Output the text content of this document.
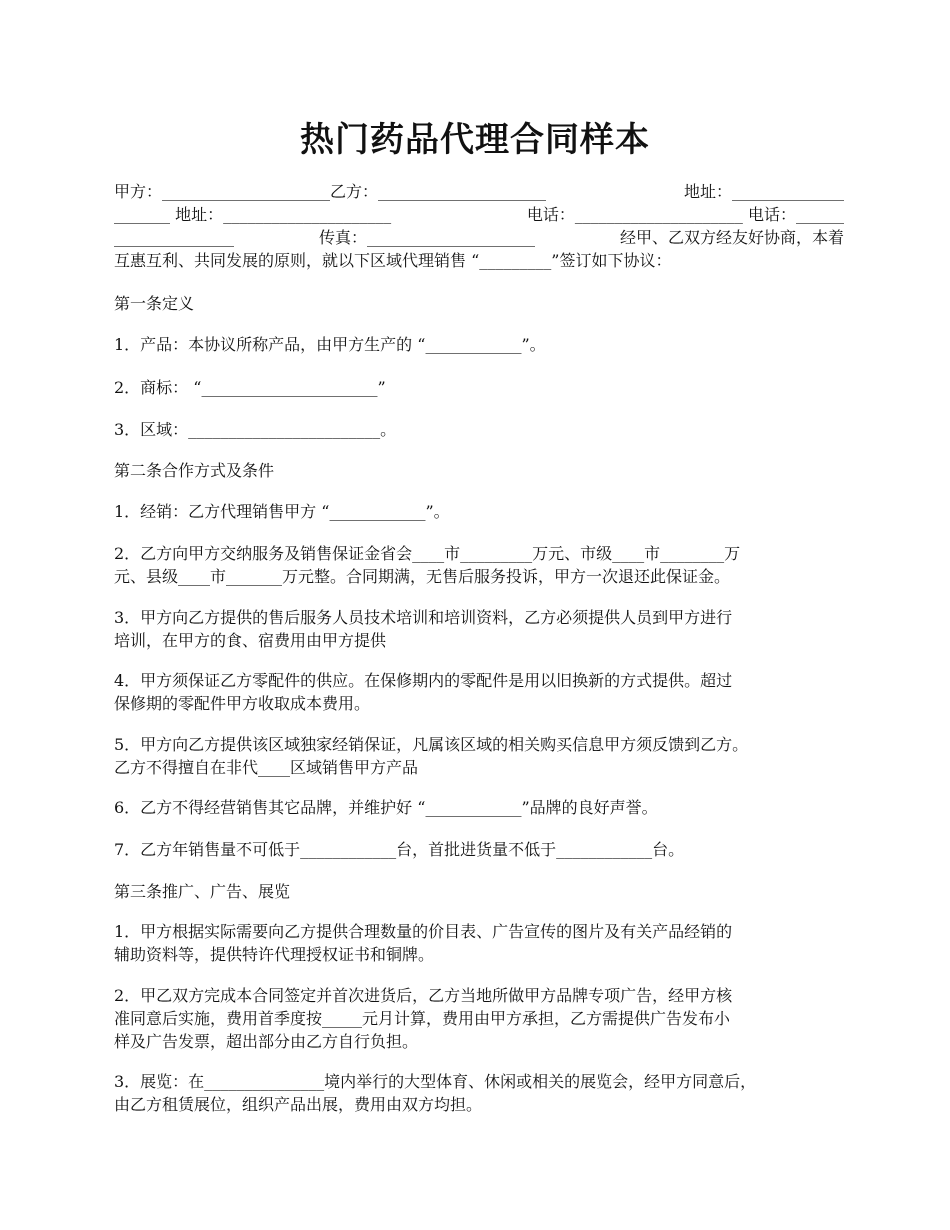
热门药品代理合同样本
甲方：_____________________乙方：_____________________	地址：______________
_______ 地址：_____________________	电话：_____________________ 电话：______
_______________	传真：_____________________	经甲、乙双方经友好协商，本着
互惠互利、共同发展的原则，就以下区域代理销售 “_________”签订如下协议：
第一条定义
1．产品：本协议所称产品，由甲方生产的 “____________”。
2．商标： “______________________”
3．区域：________________________。
第二条合作方式及条件
1．经销：乙方代理销售甲方 “____________”。
2．乙方向甲方交纳服务及销售保证金省会____市_________万元、市级____市________万
元、县级____市_______万元整。合同期满，无售后服务投诉，甲方一次退还此保证金。
3．甲方向乙方提供的售后服务人员技术培训和培训资料，乙方必须提供人员到甲方进行
培训，在甲方的食、宿费用由甲方提供
4．甲方须保证乙方零配件的供应。在保修期内的零配件是用以旧换新的方式提供。超过
保修期的零配件甲方收取成本费用。
5．甲方向乙方提供该区域独家经销保证，凡属该区域的相关购买信息甲方须反馈到乙方。
乙方不得擅自在非代____区域销售甲方产品
6．乙方不得经营销售其它品牌，并维护好 “____________”品牌的良好声誉。
7．乙方年销售量不可低于____________台，首批进货量不低于____________台。
第三条推广、广告、展览
1．甲方根据实际需要向乙方提供合理数量的价目表、广告宣传的图片及有关产品经销的
辅助资料等，提供特许代理授权证书和铜牌。
2．甲乙双方完成本合同签定并首次进货后，乙方当地所做甲方品牌专项广告，经甲方核
准同意后实施，费用首季度按_____元月计算，费用由甲方承担，乙方需提供广告发布小
样及广告发票，超出部分由乙方自行负担。
3．展览：在_______________境内举行的大型体育、休闲或相关的展览会，经甲方同意后，
由乙方租赁展位，组织产品出展，费用由双方均担。
